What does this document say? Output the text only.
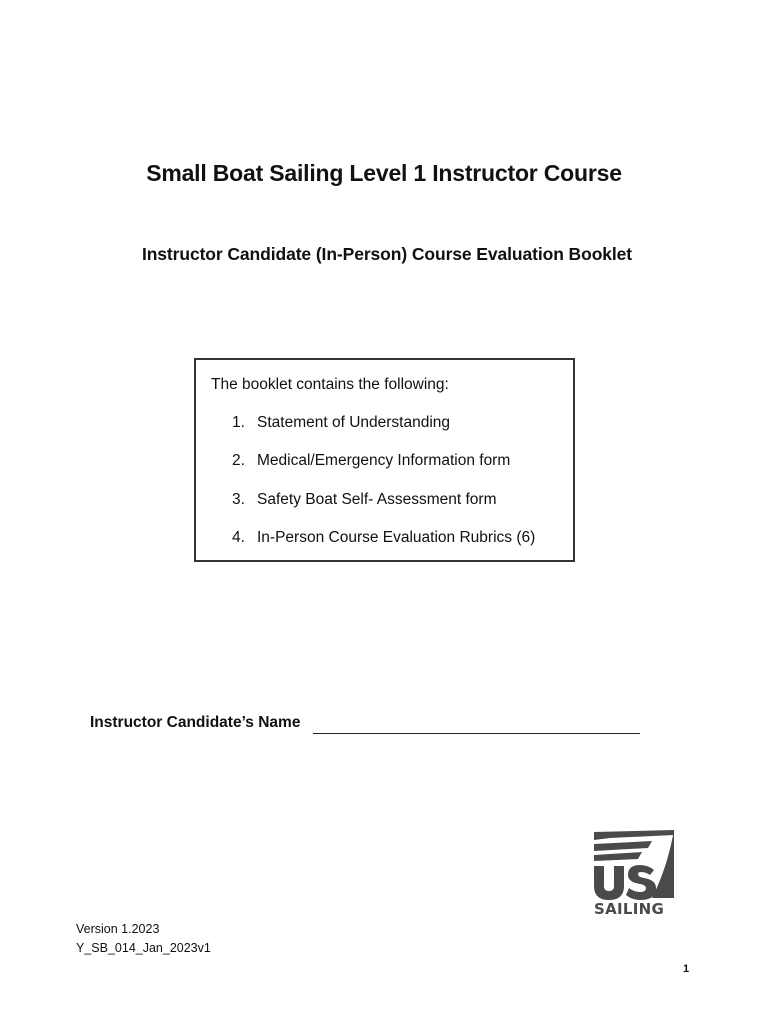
Small Boat Sailing Level 1 Instructor Course
Instructor Candidate (In-Person) Course Evaluation Booklet
The booklet contains the following:
1. Statement of Understanding
2. Medical/Emergency Information form
3. Safety Boat Self- Assessment form
4. In-Person Course Evaluation Rubrics (6)
Instructor Candidate’s Name
SAILING
Version 1.2023
Y_SB_014_Jan_2023v1
1
